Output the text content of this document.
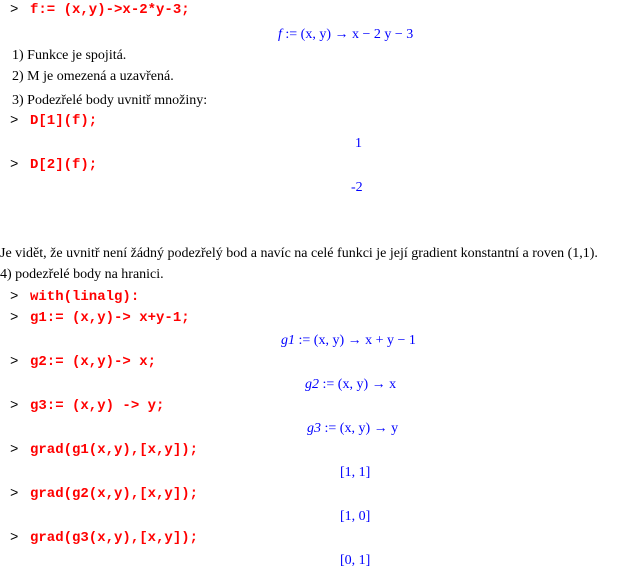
> f:= (x,y)->x-2*y-3;
f := (x, y) → x − 2 y − 3
1) Funkce je spojitá.
2) M je omezená a uzavřená.
3) Podezřelé body uvnitř množiny:
> D[1](f);
1
> D[2](f);
-2
Je vidět, že uvnitř není žádný podezřelý bod a navíc na celé funkci je její gradient konstantní a roven (1,1).
4) podezřelé body na hranici.
> with(linalg):
> g1:= (x,y)-> x+y-1;
g1 := (x, y) → x + y − 1
> g2:= (x,y)-> x;
g2 := (x, y) → x
> g3:= (x,y) -> y;
g3 := (x, y) → y
> grad(g1(x,y),[x,y]);
[1, 1]
> grad(g2(x,y),[x,y]);
[1, 0]
> grad(g3(x,y),[x,y]);
[0, 1]
